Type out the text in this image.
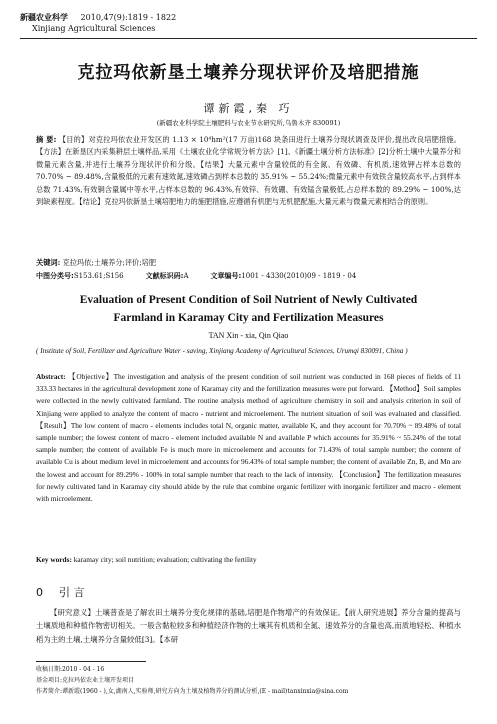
新疆农业科学 2010,47(9):1819 - 1822
Xinjiang Agricultural Sciences
克拉玛依新垦土壤养分现状评价及培肥措施
谭新霞,秦 巧
(新疆农业科学院土壤肥料与农业节水研究所,乌鲁木齐 830091)
摘 要: 【目的】对克拉玛依农业开发区的 1.13 × 10⁴hm²(17 万亩)168 块条田进行土壤养分现状调查及评价,提出改良培肥措施。【方法】在新垦区内采集耕层土壤样品,采用《土壤农业化学常规分析方法》[1]、《新疆土壤分析方法标准》[2]分析土壤中大量养分和微量元素含量,并进行土壤养分现状评价和分级。【结果】大量元素中含量较低的有全氮、有效磷、有机质,速效钾占样本总数的 70.70% ~ 89.48%,含量极低的元素有速效氮,速效磷占到样本总数的 35.91% ~ 55.24%;微量元素中有效铁含量较高水平,占到样本总数 71.43%,有效铜含量属中等水平,占样本总数的 96.43%,有效锌、有效硼、有效锰含量极低,占总样本数的 89.29% ~ 100%,达到缺素程度。【结论】克拉玛依新垦土壤培肥地力的施肥措施,应遵循有机肥与无机肥配施,大量元素与微量元素相结合的原则。
关键词: 克拉玛依;土壤养分;评价;培肥
中图分类号:S153.61;S156	文献标识码:A	文章编号:1001 - 4330(2010)09 - 1819 - 04
Evaluation of Present Condition of Soil Nutrient of Newly Cultivated Farmland in Karamay City and Fertilization Measures
TAN Xin - xia, Qin Qiao
( Institute of Soil, Fertilizer and Agriculture Water - saving, Xinjiang Academy of Agricultural Sciences, Urumqi 830091, China )
Abstract: 【Objective】The investigation and analysis of the present condition of soil nutrient was conducted in 168 pieces of fields of 11 333.33 hectares in the agricultural development zone of Karamay city and the fertilization measures were put forward. 【Method】Soil samples were collected in the newly cultivated farmland. The routine analysis method of agriculture chemistry in soil and analysis criterion in soil of Xinjiang were applied to analyze the content of macro - nutrient and microelement. The nutrient situation of soil was evaluated and classified. 【Result】The low content of macro - elements includes total N, organic matter, available K, and they account for 70.70% ~ 89.48% of total sample number; the lowest content of macro - element included available N and available P which accounts for 35.91% ~ 55.24% of the total sample number; the content of available Fe is much more in microelement and accounts for 71.43% of total sample number; the content of available Cu is about medium level in microelement and accounts for 96.43% of total sample number; the content of available Zn, B, and Mn are the lowest and account for 89.29% - 100% in total sample number that reach to the lack of intensity. 【Conclusion】The fertilization measures for newly cultivated land in Karamay city should abide by the rule that combine organic fertilizer with inorganic fertilizer and macro - element with microelement.
Key words: karamay city; soil nutrition; evaluation; cultivating the fertility
0 引 言
【研究意义】土壤普查是了解农田土壤养分变化规律的基础,培肥是作物增产的有效保证。【前人研究进展】养分含量的提高与土壤质地和种植作物密切相关。一般含黏粒较多和种植经济作物的土壤其有机质和全氮、速效养分的含量也高,而质地轻松、种植水稻为主的土壤,土壤养分含量较低[3]。【本研
收稿日期:2010 - 04 - 16
基金项目:克拉玛依农业土壤开发项目
作者简介:谭新霞(1960 - ),女,湖南人,实验师,研究方向为土壤及植物养分的测试分析,(E - mail)tanxinxia@sina.com
